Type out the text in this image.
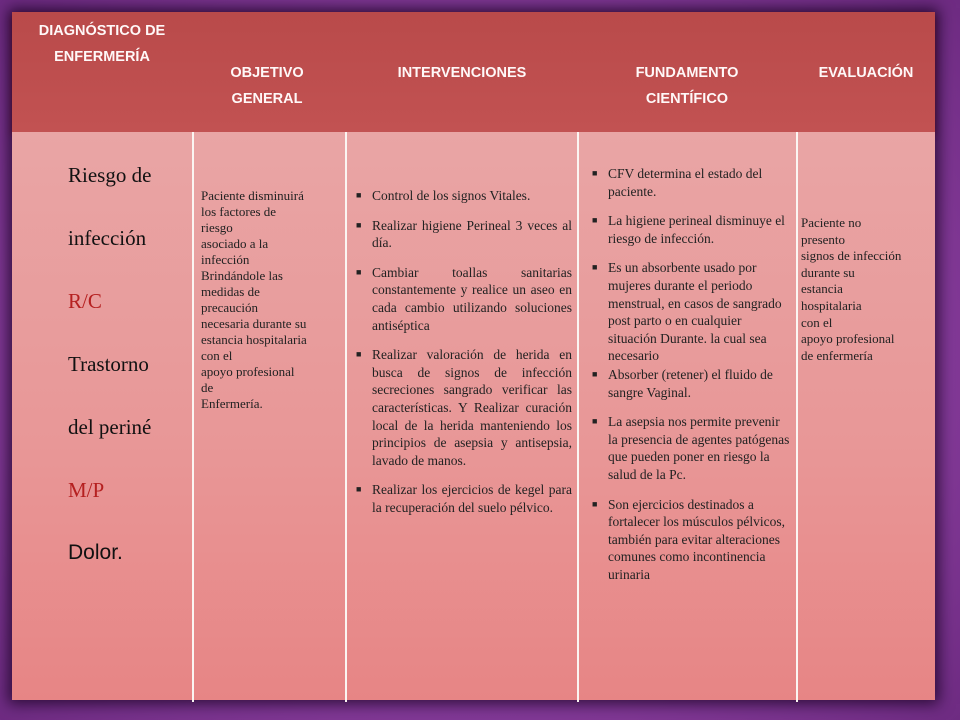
DIAGNÓSTICO DE
ENFERMERÍA
OBJETIVO
GENERAL
INTERVENCIONES	FUNDAMENTO
CIENTÍFICO
EVALUACIÓN
Riesgo de
infección
R/C
Trastorno
del periné
M/P
Dolor.
Paciente disminuirá
los factores de
riesgo
asociado a la
infección
Brindándole las
medidas de
precaución
necesaria durante su
estancia hospitalaria
con el
apoyo profesional
de
Enfermería.
■ Control de los signos Vitales.
■ Realizar higiene Perineal 3 veces al día.
■ Cambiar toallas sanitarias constantemente y realice un aseo en cada cambio utilizando soluciones antiséptica
■ Realizar valoración de herida en busca de signos de infección secreciones sangrado verificar las características. Y Realizar curación local de la herida manteniendo los principios de asepsia y antisepsia, lavado de manos.
■ Realizar los ejercicios de kegel para la recuperación del suelo pélvico.
■ CFV determina el estado del paciente.
■ La higiene perineal disminuye el riesgo de infección.
■ Es un absorbente usado por mujeres durante el periodo menstrual, en casos de sangrado post parto o en cualquier situación Durante. la cual sea necesario
■ Absorber (retener) el fluido de sangre Vaginal.
■ La asepsia nos permite prevenir la presencia de agentes patógenas que pueden poner en riesgo la salud de la Pc.
■ Son ejercicios destinados a fortalecer los músculos pélvicos, también para evitar alteraciones comunes como incontinencia urinaria
Paciente no
presento
signos de infección
durante su
estancia
hospitalaria
con el
apoyo profesional
de enfermería
